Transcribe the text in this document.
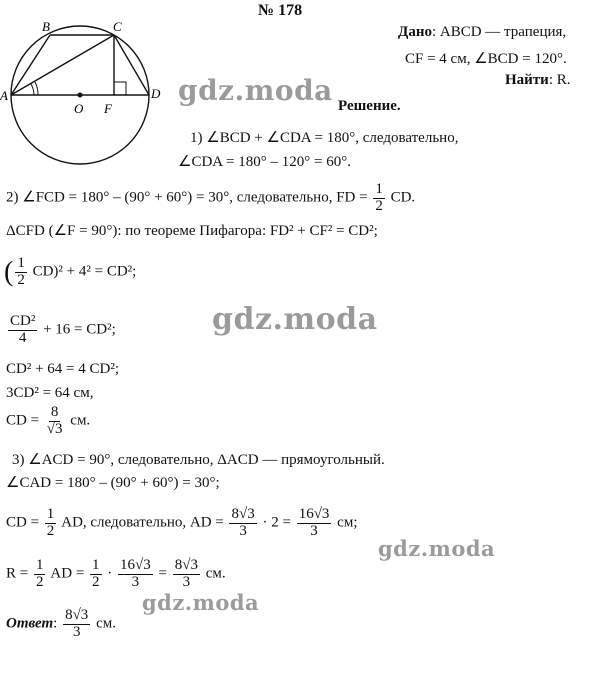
№ 178
Дано: ABCD — трапеция,
CF = 4 см, ∠BCD = 120°.
Найти: R.
A
B	C
D
O F	Решение.
1) ∠BCD + ∠CDA = 180°, следовательно,
∠CDA = 180° – 120° = 60°.
2) ∠FCD = 180° – (90° + 60°) = 30°, следовательно, FD = $\frac{1}{2}$ CD.
ΔCFD (∠F = 90°): по теореме Пифагора: FD² + CF² = CD²;
( $\frac{1}{2} CD)^2 + 4^2 = CD^2$;
$\frac{\text{CD²}}{4} + 16 = CD^2$;
CD² + 64 = 4 CD²;
3CD² = 64 см,
CD = $\frac{8}{√3}$ см.
3) ∠ACD = 90°, следовательно, ΔACD — прямоугольный.
∠CAD = 180° – (90° + 60°) = 30°;
CD = $\frac{1}{2}$ AD, следовательно, AD = $\frac{8√3}{3} \cdot 2 = \frac{16√3}{3}$ см;
$R = \frac{1}{2}$ AD = $\frac{1}{2} \cdot \frac{16√3}{3} = \frac{8√3}{3}$ см.
Ответ: $\frac{8√3}{3}$ см.
gdz.moda
gdz.moda
gdz.moda
gdz.moda
